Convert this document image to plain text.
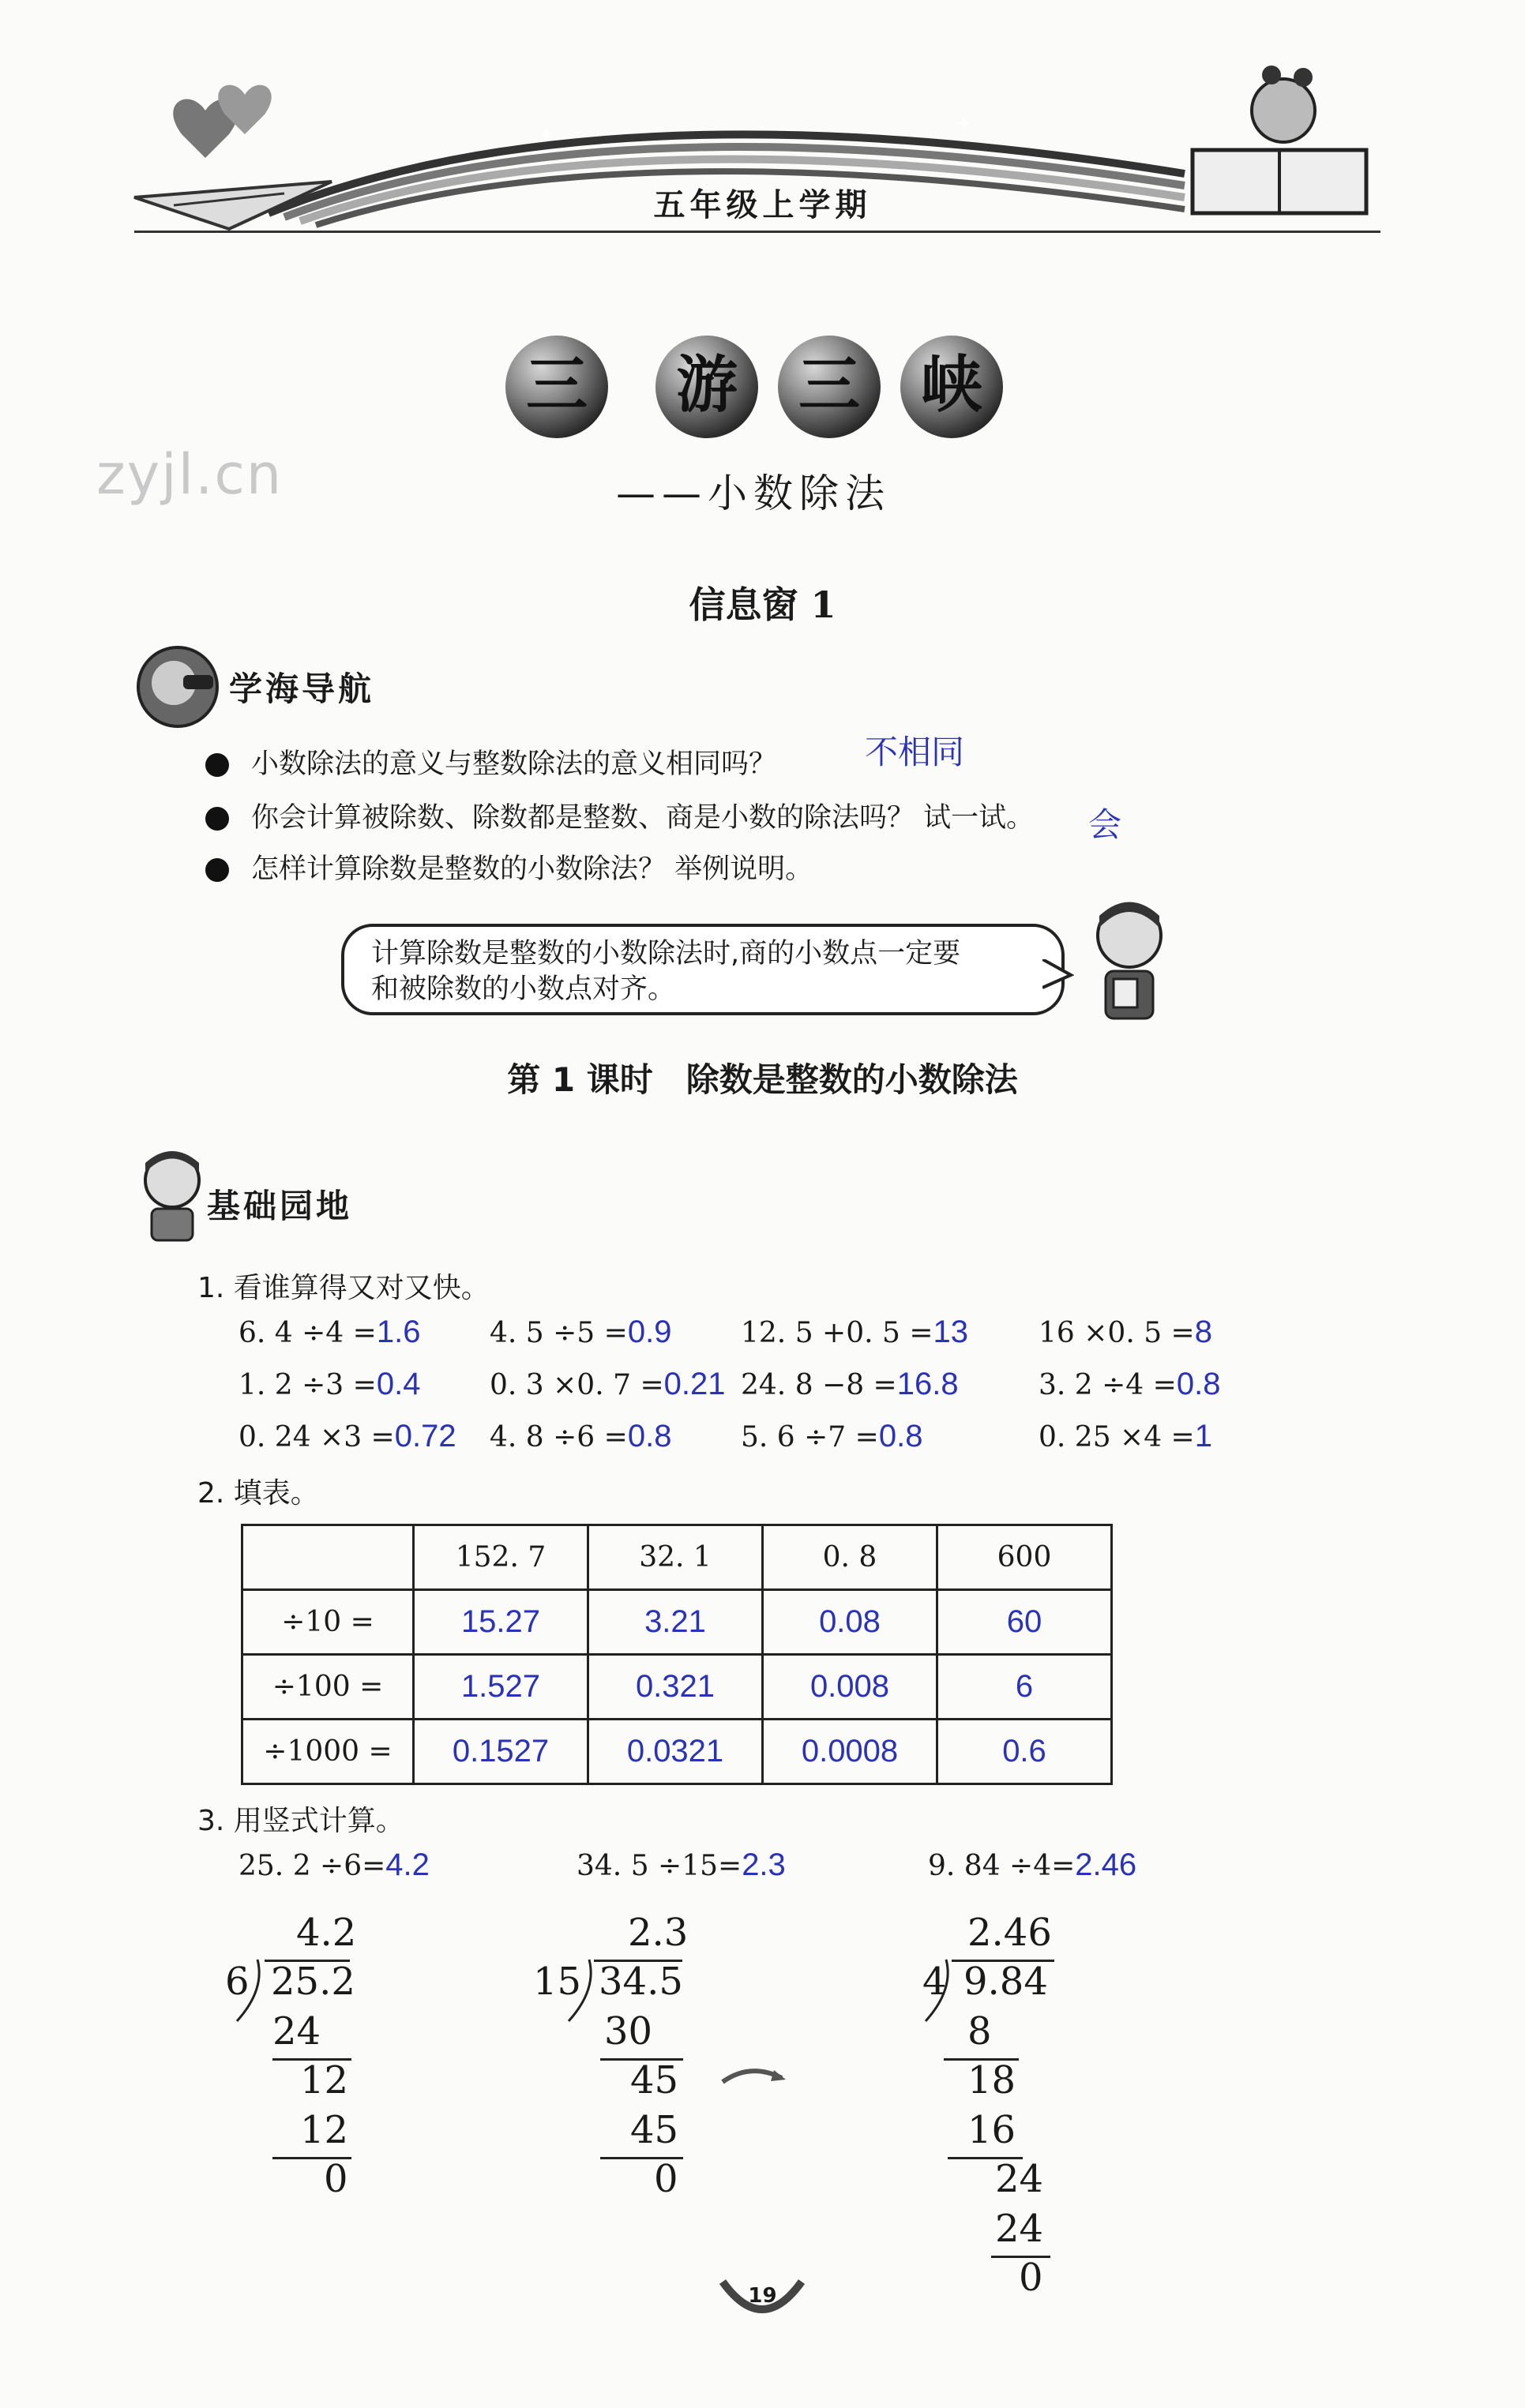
✦	✦
五年级上学期
zyjl.cn
三	游 三 峡
——小数除法
信息窗 1
学海导航
小数除法的意义与整数除法的意义相同吗？	不相同
你会计算被除数、除数都是整数、商是小数的除法吗？ 试一试。 会
怎样计算除数是整数的小数除法？ 举例说明。
计算除数是整数的小数除法时,商的小数点一定要
和被除数的小数点对齐。
第 1 课时　除数是整数的小数除法
基础园地
1. 看谁算得又对又快。
6. 4 ÷4 =1.6 4. 5 ÷5 =0.9 12. 5 +0. 5 =13 16 ×0. 5 =8
1. 2 ÷3 =0.4 0. 3 ×0. 7 =0.21 24. 8 −8 =16.8	3. 2 ÷4 =0.8
0. 24 ×3 =0.72 4. 8 ÷6 =0.8 5. 6 ÷7 =0.8	0. 25 ×4 =1
2. 填表。
	152. 7	32. 1	0. 8	600
÷10 =	15.27	3.21	0.08	60
÷100 =	1.527	0.321	0.008	6
÷1000 =	0.1527	0.0321	0.0008	0.6
3. 用竖式计算。
25. 2 ÷6=4.2	34. 5 ÷15=2.3	9. 84 ÷4=2.46
4.2
6 25.2
24
12
12
0
2.3
15 34.5
30
45
45
0
2.46
4 9.84
8
18
16
24
24
0
19
